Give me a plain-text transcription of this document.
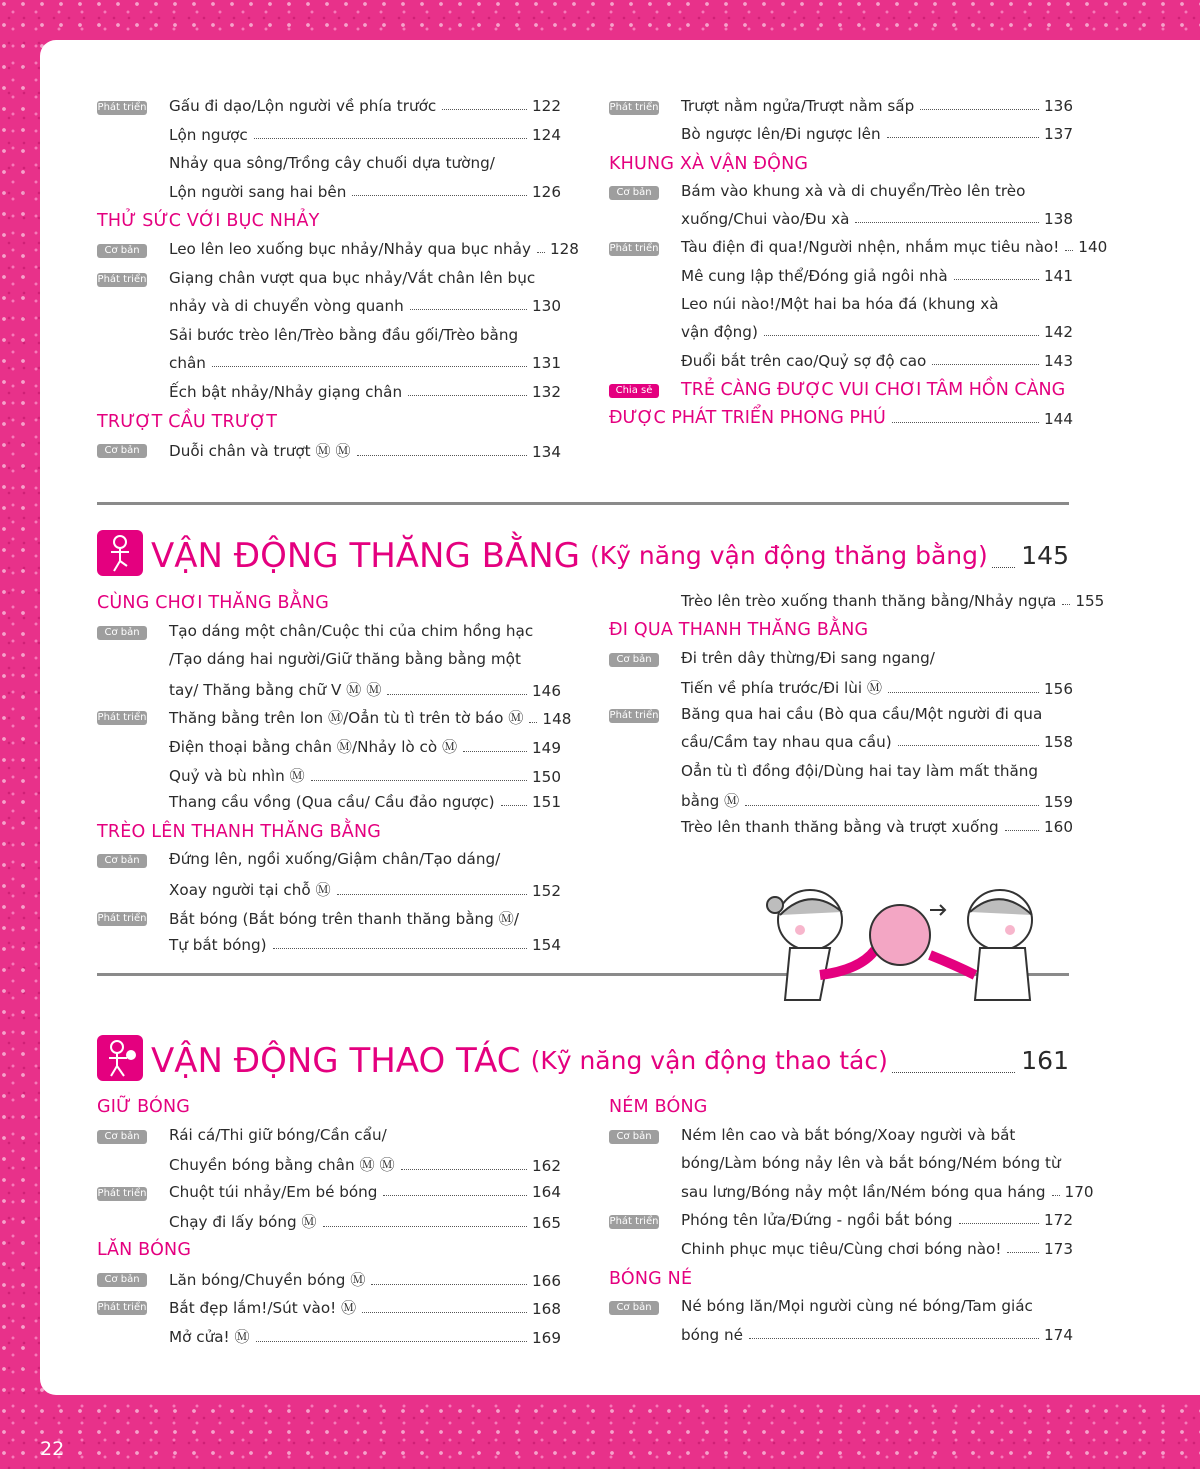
Phát triển Gấu đi dạo/Lộn người về phía trước	122
Lộn ngược	124
Nhảy qua sông/Trồng cây chuối dựa tường/
Lộn người sang hai bên	126
THỬ SỨC VỚI BỤC NHẢY
Cơ bản	Leo lên leo xuống bục nhảy/Nhảy qua bục nhảy 128
Phát triển Giạng chân vượt qua bục nhảy/Vắt chân lên bục
nhảy và di chuyển vòng quanh	130
Sải bước trèo lên/Trèo bằng đầu gối/Trèo bằng
chân	131
Ếch bật nhảy/Nhảy giạng chân	132
TRƯỢT CẦU TRƯỢT
Cơ bản	Duỗi chân và trượt Ⓜ Ⓜ	134
Phát triển Trượt nằm ngửa/Trượt nằm sấp	136
Bò ngược lên/Đi ngược lên	137
KHUNG XÀ VẬN ĐỘNG
Cơ bản	Bám vào khung xà và di chuyển/Trèo lên trèo
xuống/Chui vào/Đu xà	138
Phát triển Tàu điện đi qua!/Người nhện, nhắm mục tiêu nào! 140
Mê cung lập thể/Đóng giả ngôi nhà	141
Leo núi nào!/Một hai ba hóa đá (khung xà
vận động)	142
Đuổi bắt trên cao/Quỷ sợ độ cao	143
Chia sẻ	TRẺ CÀNG ĐƯỢC VUI CHƠI TÂM HỒN CÀNG
ĐƯỢC PHÁT TRIỂN PHONG PHÚ	144
VẬN ĐỘNG THĂNG BẰNG (Kỹ năng vận động thăng bằng) 145
CÙNG CHƠI THĂNG BẰNG
Cơ bản	Tạo dáng một chân/Cuộc thi của chim hồng hạc
/Tạo dáng hai người/Giữ thăng bằng bằng một
tay/ Thăng bằng chữ V Ⓜ Ⓜ	146
Phát triển Thăng bằng trên lon Ⓜ/Oẳn tù tì trên tờ báo Ⓜ 148
Điện thoại bằng chân Ⓜ/Nhảy lò cò Ⓜ	149
Quỷ và bù nhìn Ⓜ	150
Thang cầu vồng (Qua cầu/ Cầu đảo ngược) 151
TRÈO LÊN THANH THĂNG BẰNG
Cơ bản	Đứng lên, ngồi xuống/Giậm chân/Tạo dáng/
Xoay người tại chỗ Ⓜ	152
Phát triển Bắt bóng (Bắt bóng trên thanh thăng bằng Ⓜ/
Tự bắt bóng)	154
Trèo lên trèo xuống thanh thăng bằng/Nhảy ngựa 155
ĐI QUA THANH THĂNG BẰNG
Cơ bản	Đi trên dây thừng/Đi sang ngang/
Tiến về phía trước/Đi lùi Ⓜ	156
Phát triển Băng qua hai cầu (Bò qua cầu/Một người đi qua
cầu/Cầm tay nhau qua cầu)	158
Oẳn tù tì đồng đội/Dùng hai tay làm mất thăng
bằng Ⓜ	159
Trèo lên thanh thăng bằng và trượt xuống	160
VẬN ĐỘNG THAO TÁC (Kỹ năng vận động thao tác)	161
GIỮ BÓNG
Cơ bản	Rái cá/Thi giữ bóng/Cần cẩu/
Chuyền bóng bằng chân Ⓜ Ⓜ	162
Phát triển Chuột túi nhảy/Em bé bóng	164
Chạy đi lấy bóng Ⓜ	165
LĂN BÓNG
Cơ bản	Lăn bóng/Chuyền bóng Ⓜ	166
Phát triển Bắt đẹp lắm!/Sút vào! Ⓜ	168
Mở cửa! Ⓜ	169
NÉM BÓNG
Cơ bản	Ném lên cao và bắt bóng/Xoay người và bắt
bóng/Làm bóng nảy lên và bắt bóng/Ném bóng từ
sau lưng/Bóng nảy một lần/Ném bóng qua háng 170
Phát triển Phóng tên lửa/Đứng - ngồi bắt bóng	172
Chinh phục mục tiêu/Cùng chơi bóng nào!	173
BÓNG NÉ
Cơ bản	Né bóng lăn/Mọi người cùng né bóng/Tam giác
bóng né	174
22
